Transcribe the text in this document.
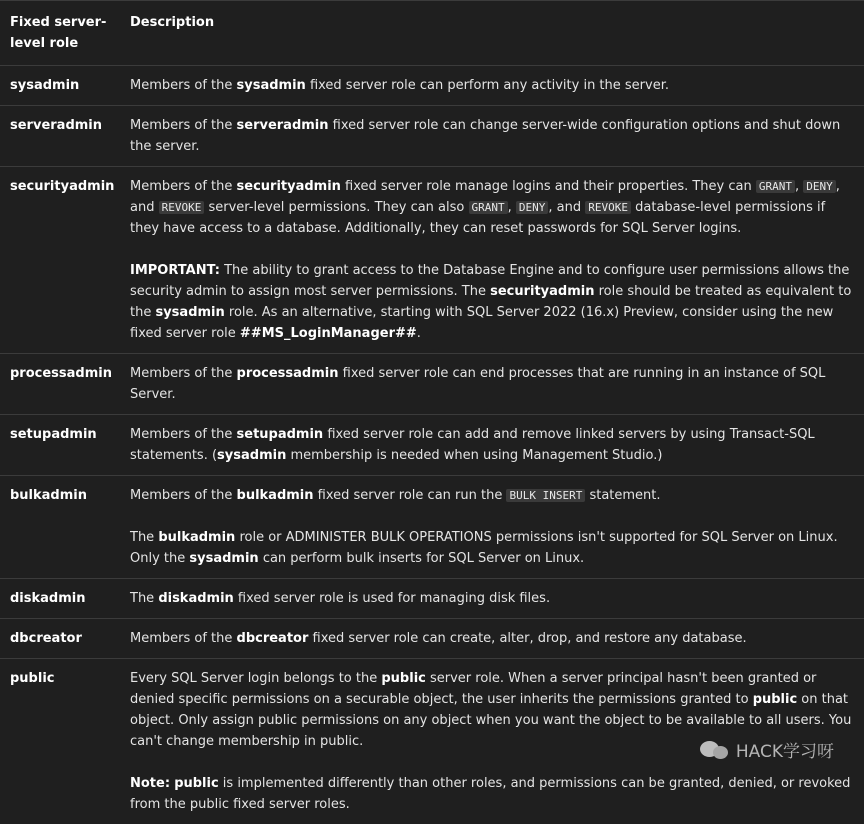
Fixed server-level role	Description
sysadmin	Members of the sysadmin fixed server role can perform any activity in the server.

serveradmin	Members of the serveradmin fixed server role can change server-wide configuration options and shut down the server.

securityadmin	Members of the securityadmin fixed server role manage logins and their properties. They can GRANT , DENY , and REVOKE server-level permissions. They can also GRANT , DENY , and REVOKE database-level permissions if they have access to a database. Additionally, they can reset passwords for SQL Server logins.

IMPORTANT: The ability to grant access to the Database Engine and to configure user permissions allows the security admin to assign most server permissions. The securityadmin role should be treated as equivalent to the sysadmin role. As an alternative, starting with SQL Server 2022 (16.x) Preview, consider using the new fixed server role ##MS_LoginManager##.

processadmin	Members of the processadmin fixed server role can end processes that are running in an instance of SQL Server.

setupadmin	Members of the setupadmin fixed server role can add and remove linked servers by using Transact-SQL statements. (sysadmin membership is needed when using Management Studio.)

bulkadmin	Members of the bulkadmin fixed server role can run the BULK INSERT statement.

The bulkadmin role or ADMINISTER BULK OPERATIONS permissions isn't supported for SQL Server on Linux. Only the sysadmin can perform bulk inserts for SQL Server on Linux.

diskadmin	The diskadmin fixed server role is used for managing disk files.

dbcreator	Members of the dbcreator fixed server role can create, alter, drop, and restore any database.

public	Every SQL Server login belongs to the public server role. When a server principal hasn't been granted or denied specific permissions on a securable object, the user inherits the permissions granted to public on that object. Only assign public permissions on any object when you want the object to be available to all users. You can't change membership in public.

Note: public is implemented differently than other roles, and permissions can be granted, denied, or revoked from the public fixed server roles.

HACK学习呀
